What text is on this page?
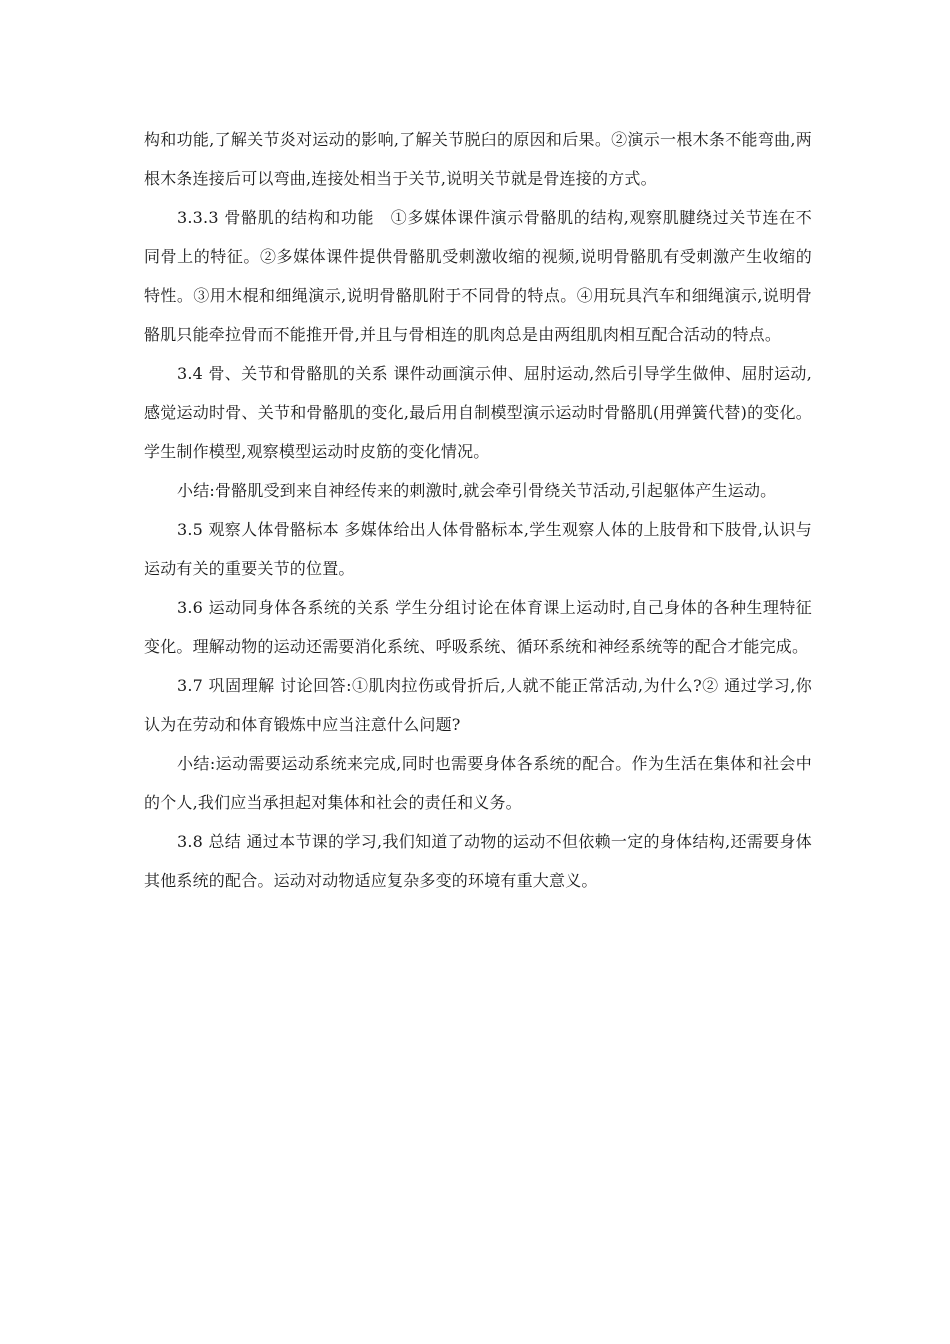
构和功能,了解关节炎对运动的影响,了解关节脱臼的原因和后果。②演示一根木条不能弯曲,两根木条连接后可以弯曲,连接处相当于关节,说明关节就是骨连接的方式。

3.3.3 骨骼肌的结构和功能　①多媒体课件演示骨骼肌的结构,观察肌腱绕过关节连在不同骨上的特征。②多媒体课件提供骨骼肌受刺激收缩的视频,说明骨骼肌有受刺激产生收缩的特性。③用木棍和细绳演示,说明骨骼肌附于不同骨的特点。④用玩具汽车和细绳演示,说明骨骼肌只能牵拉骨而不能推开骨,并且与骨相连的肌肉总是由两组肌肉相互配合活动的特点。

3.4 骨、关节和骨骼肌的关系 课件动画演示伸、屈肘运动,然后引导学生做伸、屈肘运动,感觉运动时骨、关节和骨骼肌的变化,最后用自制模型演示运动时骨骼肌(用弹簧代替)的变化。学生制作模型,观察模型运动时皮筋的变化情况。

小结:骨骼肌受到来自神经传来的刺激时,就会牵引骨绕关节活动,引起躯体产生运动。

3.5 观察人体骨骼标本 多媒体给出人体骨骼标本,学生观察人体的上肢骨和下肢骨,认识与运动有关的重要关节的位置。

3.6 运动同身体各系统的关系 学生分组讨论在体育课上运动时,自己身体的各种生理特征变化。理解动物的运动还需要消化系统、呼吸系统、循环系统和神经系统等的配合才能完成。

3.7 巩固理解 讨论回答:①肌肉拉伤或骨折后,人就不能正常活动,为什么?② 通过学习,你认为在劳动和体育锻炼中应当注意什么问题?

小结:运动需要运动系统来完成,同时也需要身体各系统的配合。作为生活在集体和社会中的个人,我们应当承担起对集体和社会的责任和义务。

3.8 总结 通过本节课的学习,我们知道了动物的运动不但依赖一定的身体结构,还需要身体其他系统的配合。运动对动物适应复杂多变的环境有重大意义。
